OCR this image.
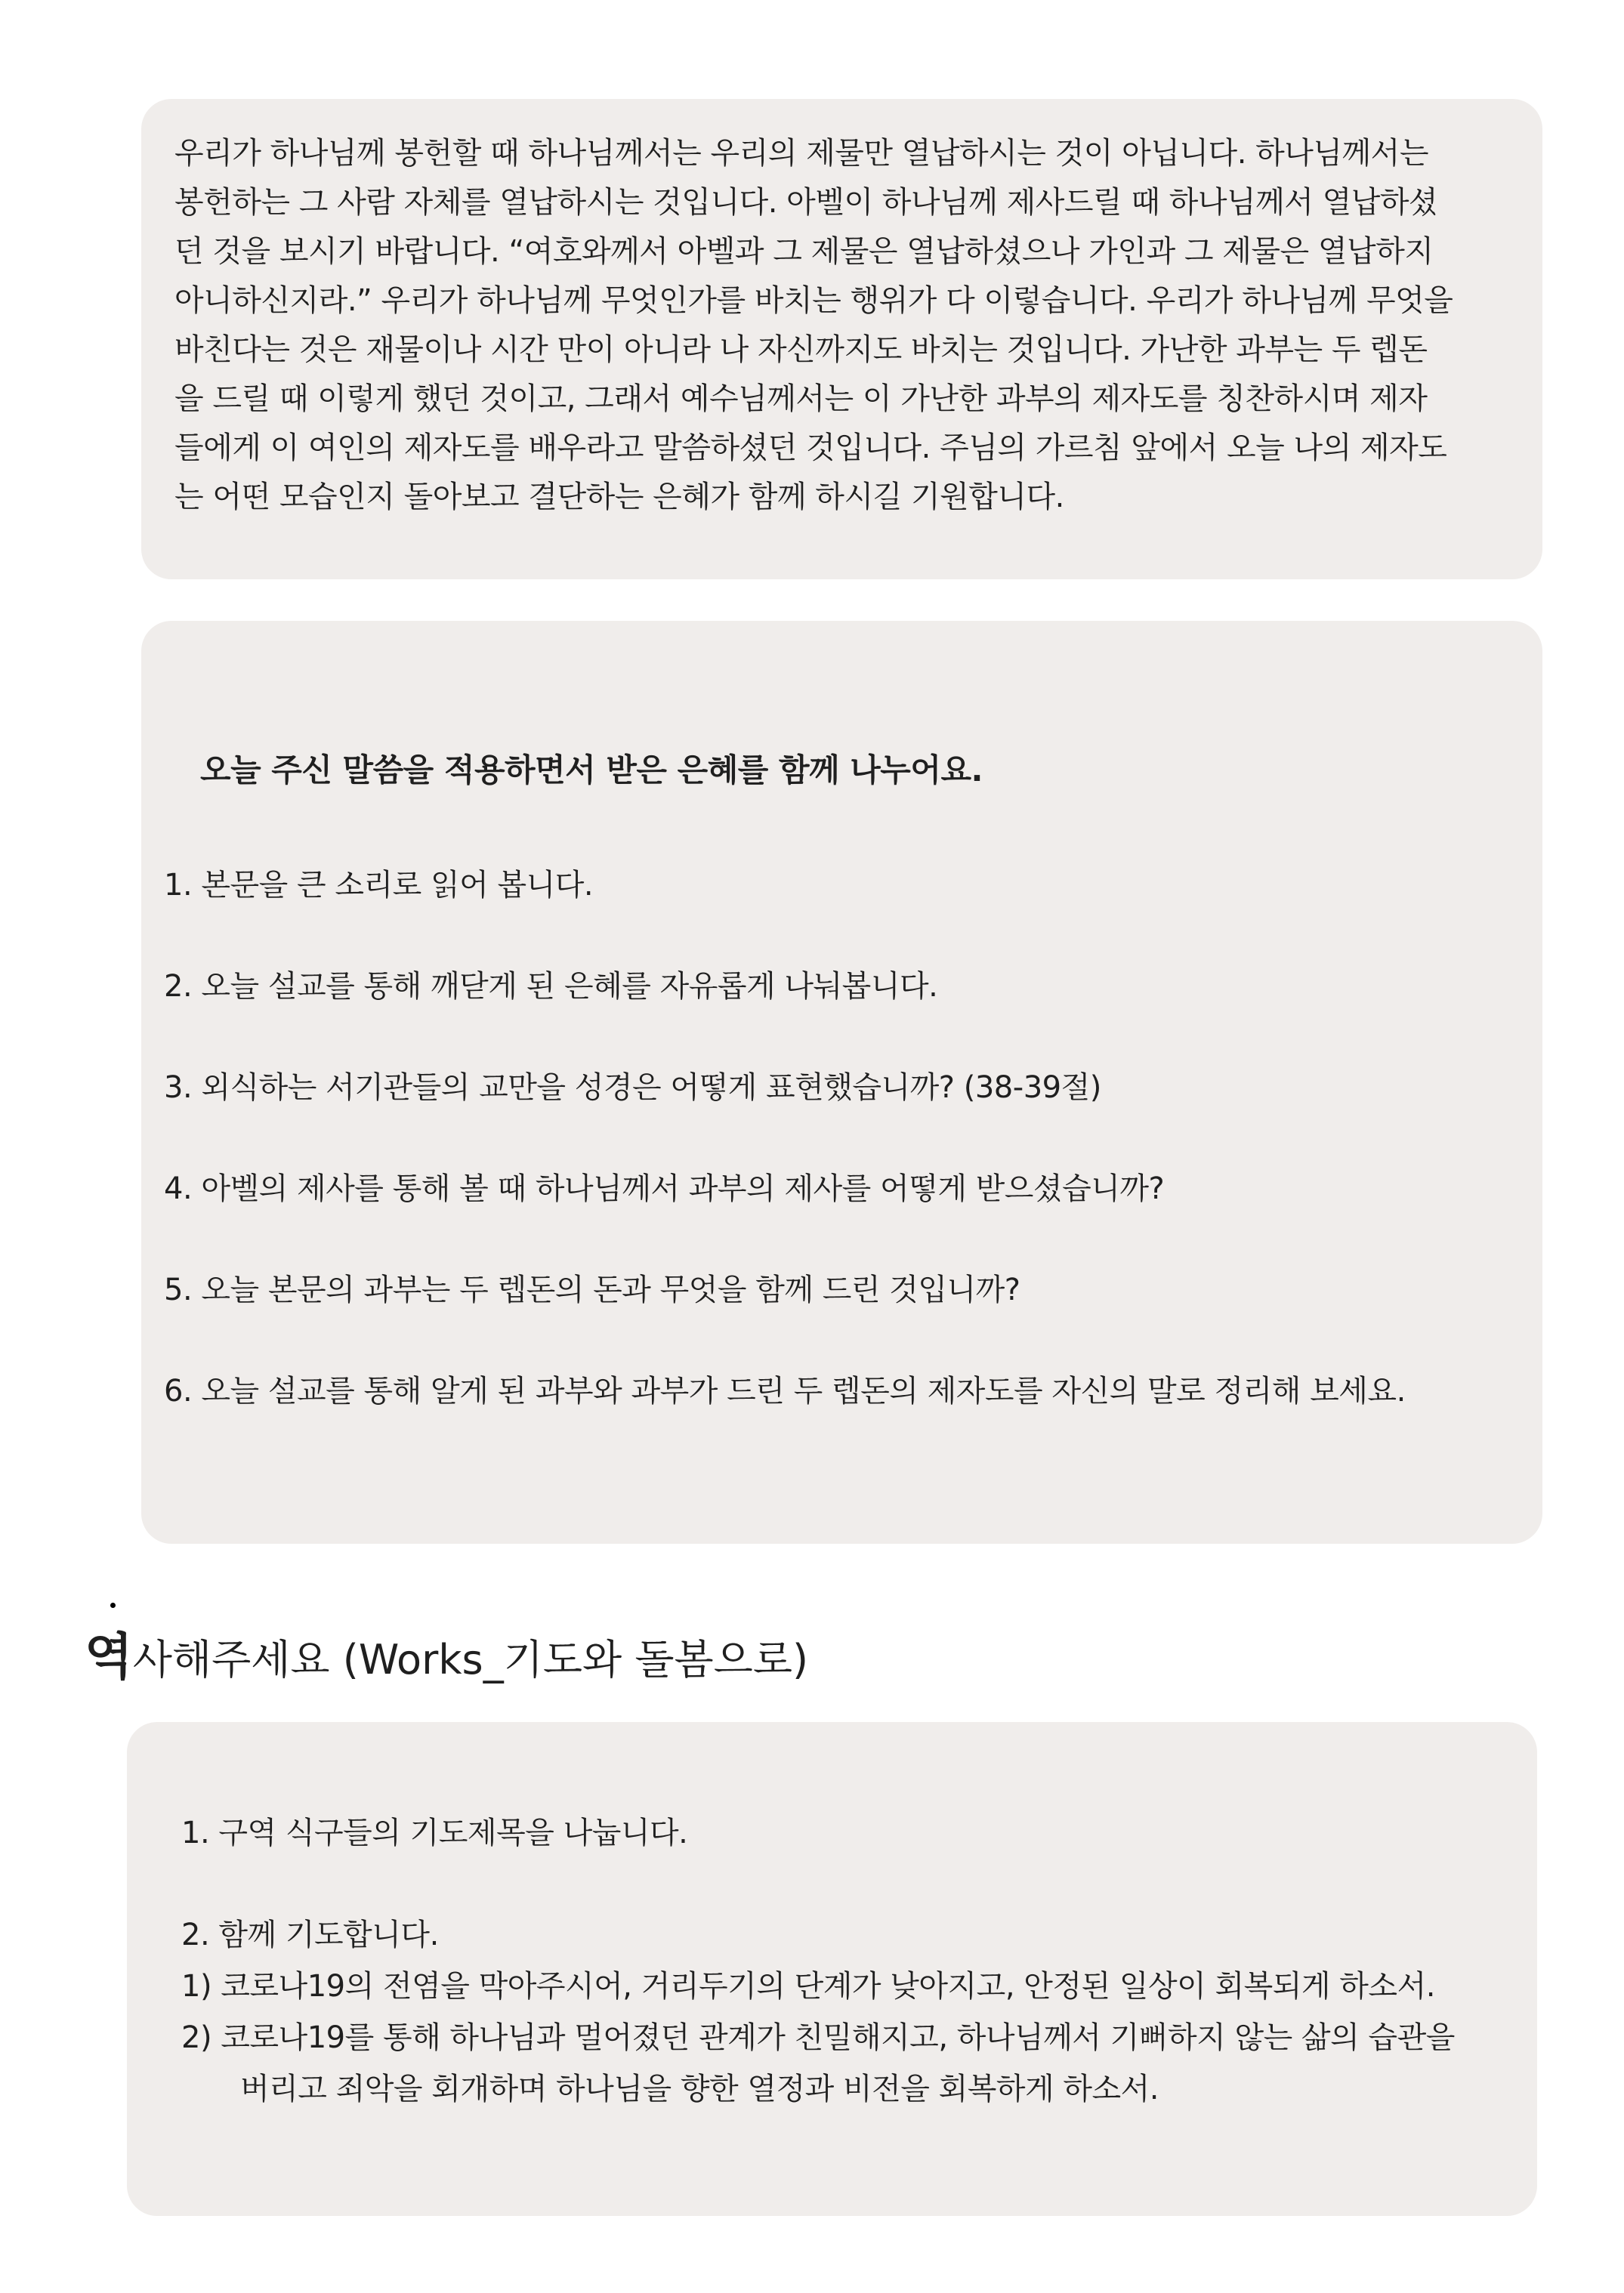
우리가 하나님께 봉헌할 때 하나님께서는 우리의 제물만 열납하시는 것이 아닙니다. 하나님께서는
봉헌하는 그 사람 자체를 열납하시는 것입니다. 아벨이 하나님께 제사드릴 때 하나님께서 열납하셨
던 것을 보시기 바랍니다. “여호와께서 아벨과 그 제물은 열납하셨으나 가인과 그 제물은 열납하지
아니하신지라.” 우리가 하나님께 무엇인가를 바치는 행위가 다 이렇습니다. 우리가 하나님께 무엇을
바친다는 것은 재물이나 시간 만이 아니라 나 자신까지도 바치는 것입니다. 가난한 과부는 두 렙돈
을 드릴 때 이렇게 했던 것이고, 그래서 예수님께서는 이 가난한 과부의 제자도를 칭찬하시며 제자
들에게 이 여인의 제자도를 배우라고 말씀하셨던 것입니다. 주님의 가르침 앞에서 오늘 나의 제자도
는 어떤 모습인지 돌아보고 결단하는 은혜가 함께 하시길 기원합니다.
오늘 주신 말씀을 적용하면서 받은 은혜를 함께 나누어요.
1. 본문을 큰 소리로 읽어 봅니다.
2. 오늘 설교를 통해 깨닫게 된 은혜를 자유롭게 나눠봅니다.
3. 외식하는 서기관들의 교만을 성경은 어떻게 표현했습니까? (38-39절)
4. 아벨의 제사를 통해 볼 때 하나님께서 과부의 제사를 어떻게 받으셨습니까?
5. 오늘 본문의 과부는 두 렙돈의 돈과 무엇을 함께 드린 것입니까?
6. 오늘 설교를 통해 알게 된 과부와 과부가 드린 두 렙돈의 제자도를 자신의 말로 정리해 보세요.
역사해주세요 (Works_기도와 돌봄으로)
1. 구역 식구들의 기도제목을 나눕니다.
2. 함께 기도합니다.
1) 코로나19의 전염을 막아주시어, 거리두기의 단계가 낮아지고, 안정된 일상이 회복되게 하소서.
2) 코로나19를 통해 하나님과 멀어졌던 관계가 친밀해지고, 하나님께서 기뻐하지 않는 삶의 습관을
버리고 죄악을 회개하며 하나님을 향한 열정과 비전을 회복하게 하소서.
